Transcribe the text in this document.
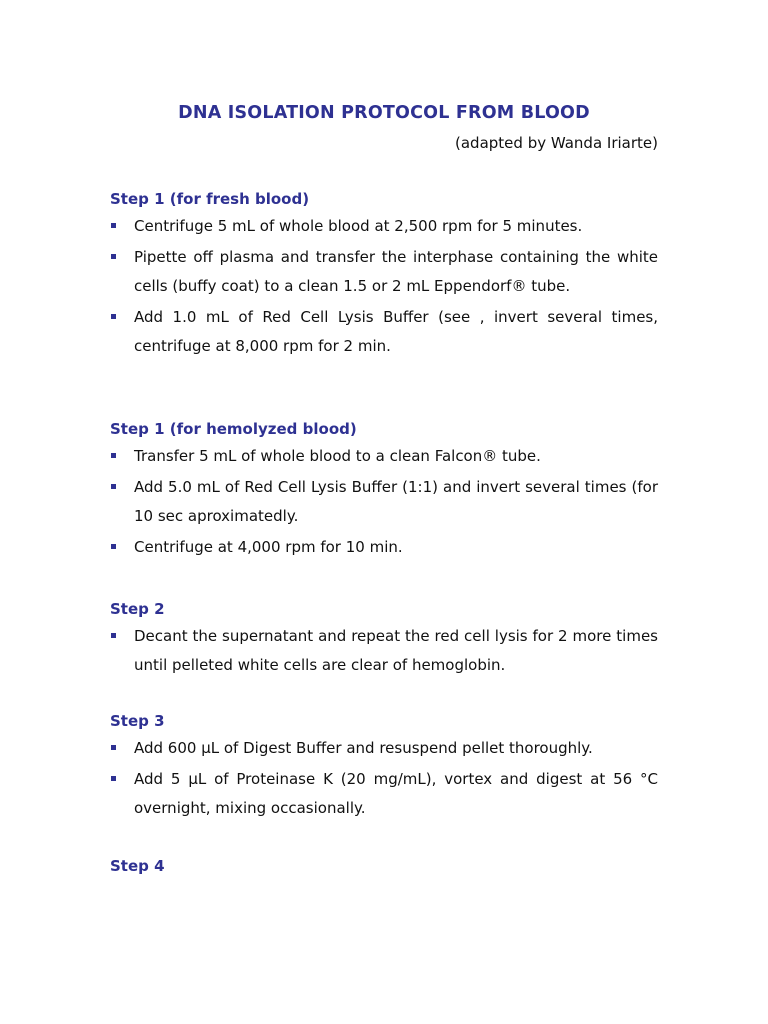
DNA ISOLATION PROTOCOL FROM BLOOD
(adapted by Wanda Iriarte)
Step 1 (for fresh blood)
Centrifuge 5 mL of whole blood at 2,500 rpm for 5 minutes.
Pipette off plasma and transfer the interphase containing the white cells (buffy coat) to a clean 1.5 or 2 mL Eppendorf® tube.
Add 1.0 mL of Red Cell Lysis Buffer (see , invert several times, centrifuge at 8,000 rpm for 2 min.
Step 1 (for hemolyzed blood)
Transfer 5 mL of whole blood to a clean Falcon® tube.
Add 5.0 mL of Red Cell Lysis Buffer (1:1) and invert several times (for 10 sec aproximatedly.
Centrifuge at 4,000 rpm for 10 min.
Step 2
Decant the supernatant and repeat the red cell lysis for 2 more times until pelleted white cells are clear of hemoglobin.
Step 3
Add 600 µL of Digest Buffer and resuspend pellet thoroughly.
Add 5 µL of Proteinase K (20 mg/mL), vortex and digest at 56 °C overnight, mixing occasionally.
Step 4
